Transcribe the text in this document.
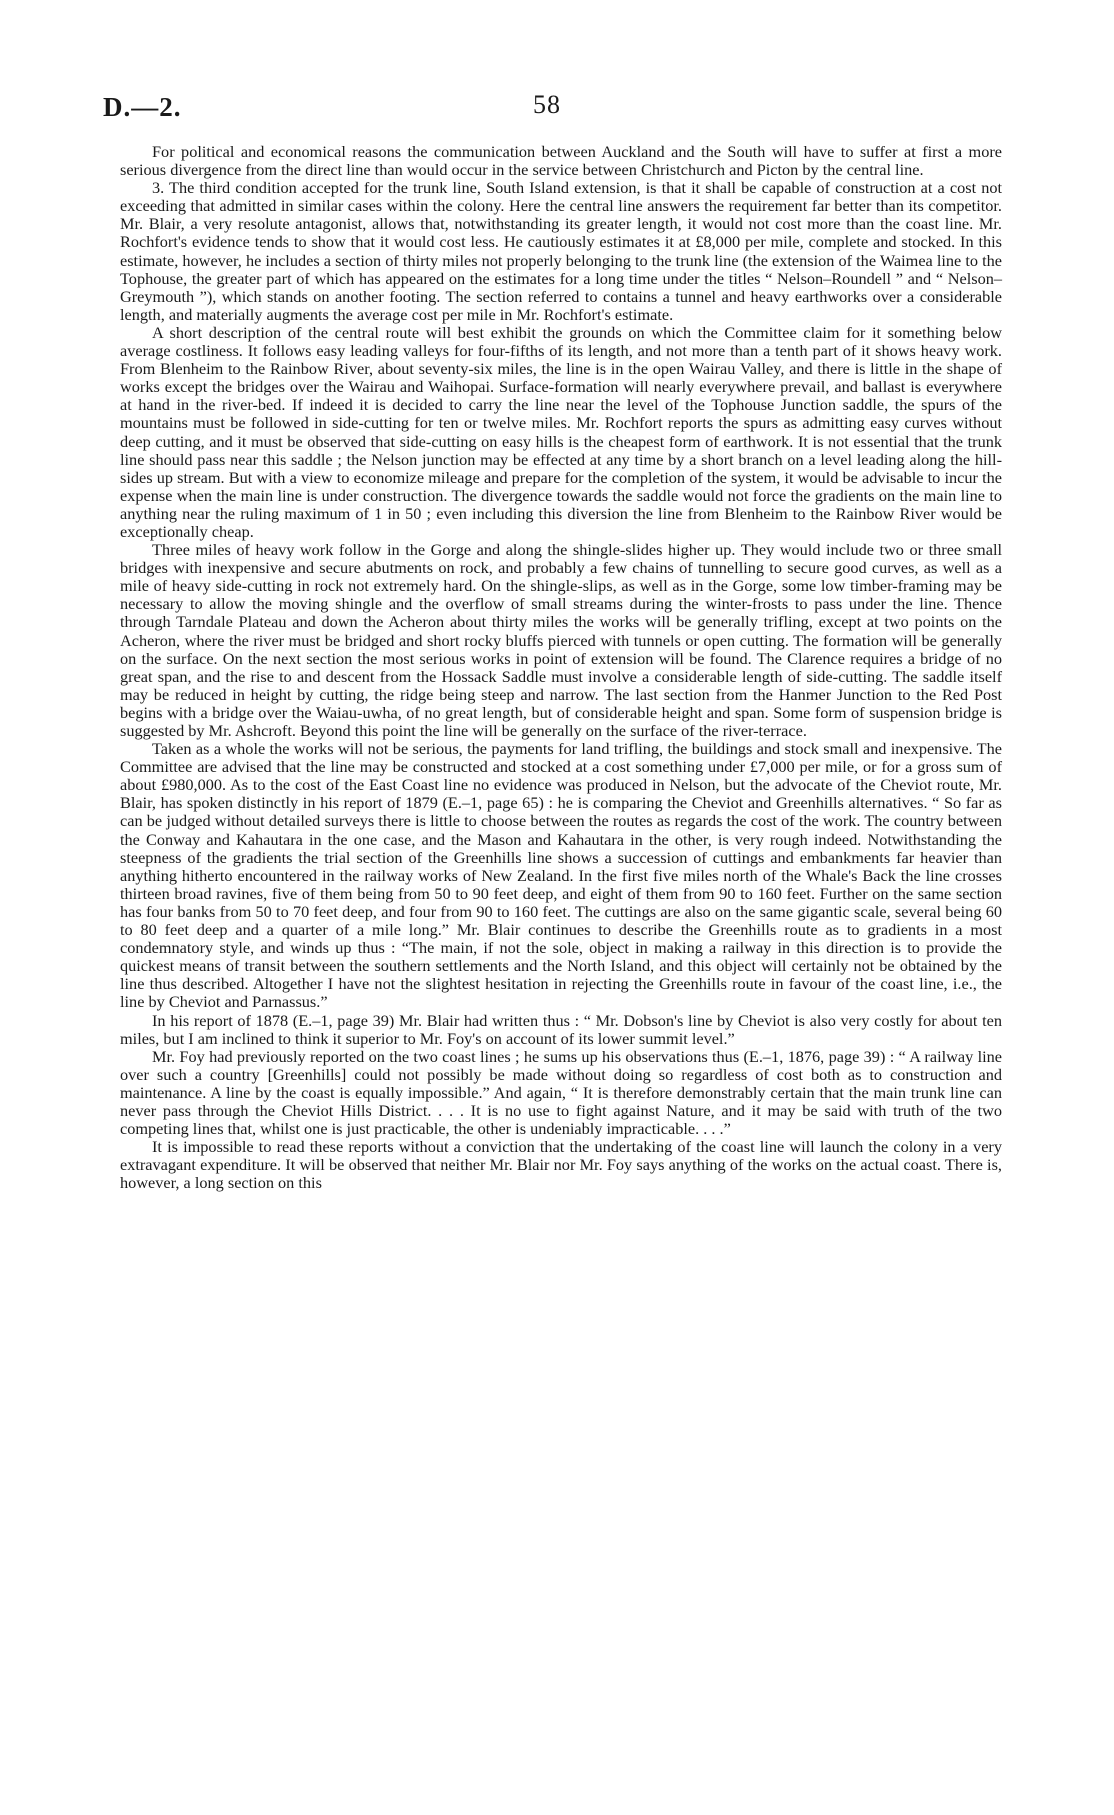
D.—2.	58

For political and economical reasons the communication between Auckland and the South will have to suffer at first a more serious divergence from the direct line than would occur in the service between Christchurch and Picton by the central line.

3. The third condition accepted for the trunk line, South Island extension, is that it shall be capable of construction at a cost not exceeding that admitted in similar cases within the colony. Here the central line answers the requirement far better than its competitor. Mr. Blair, a very resolute antagonist, allows that, notwithstanding its greater length, it would not cost more than the coast line. Mr. Rochfort's evidence tends to show that it would cost less. He cautiously estimates it at £8,000 per mile, complete and stocked. In this estimate, however, he includes a section of thirty miles not properly belonging to the trunk line (the extension of the Waimea line to the Tophouse, the greater part of which has appeared on the estimates for a long time under the titles “ Nelson–Roundell ” and “ Nelson–Greymouth ”), which stands on another footing. The section referred to contains a tunnel and heavy earthworks over a considerable length, and materially augments the average cost per mile in Mr. Rochfort's estimate.

A short description of the central route will best exhibit the grounds on which the Committee claim for it something below average costliness. It follows easy leading valleys for four-fifths of its length, and not more than a tenth part of it shows heavy work. From Blenheim to the Rainbow River, about seventy-six miles, the line is in the open Wairau Valley, and there is little in the shape of works except the bridges over the Wairau and Waihopai. Surface-formation will nearly everywhere prevail, and ballast is everywhere at hand in the river-bed. If indeed it is decided to carry the line near the level of the Tophouse Junction saddle, the spurs of the mountains must be followed in side-cutting for ten or twelve miles. Mr. Rochfort reports the spurs as admitting easy curves without deep cutting, and it must be observed that side-cutting on easy hills is the cheapest form of earthwork. It is not essential that the trunk line should pass near this saddle ; the Nelson junction may be effected at any time by a short branch on a level leading along the hill-sides up stream. But with a view to economize mileage and prepare for the completion of the system, it would be advisable to incur the expense when the main line is under construction. The divergence towards the saddle would not force the gradients on the main line to anything near the ruling maximum of 1 in 50 ; even including this diversion the line from Blenheim to the Rainbow River would be exceptionally cheap.

Three miles of heavy work follow in the Gorge and along the shingle-slides higher up. They would include two or three small bridges with inexpensive and secure abutments on rock, and probably a few chains of tunnelling to secure good curves, as well as a mile of heavy side-cutting in rock not extremely hard. On the shingle-slips, as well as in the Gorge, some low timber-framing may be necessary to allow the moving shingle and the overflow of small streams during the winter-frosts to pass under the line. Thence through Tarndale Plateau and down the Acheron about thirty miles the works will be generally trifling, except at two points on the Acheron, where the river must be bridged and short rocky bluffs pierced with tunnels or open cutting. The formation will be generally on the surface. On the next section the most serious works in point of extension will be found. The Clarence requires a bridge of no great span, and the rise to and descent from the Hossack Saddle must involve a considerable length of side-cutting. The saddle itself may be reduced in height by cutting, the ridge being steep and narrow. The last section from the Hanmer Junction to the Red Post begins with a bridge over the Waiau-uwha, of no great length, but of considerable height and span. Some form of suspension bridge is suggested by Mr. Ashcroft. Beyond this point the line will be generally on the surface of the river-terrace.

Taken as a whole the works will not be serious, the payments for land trifling, the buildings and stock small and inexpensive. The Committee are advised that the line may be constructed and stocked at a cost something under £7,000 per mile, or for a gross sum of about £980,000. As to the cost of the East Coast line no evidence was produced in Nelson, but the advocate of the Cheviot route, Mr. Blair, has spoken distinctly in his report of 1879 (E.–1, page 65) : he is comparing the Cheviot and Greenhills alternatives. “ So far as can be judged without detailed surveys there is little to choose between the routes as regards the cost of the work. The country between the Conway and Kahautara in the one case, and the Mason and Kahautara in the other, is very rough indeed. Notwithstanding the steepness of the gradients the trial section of the Greenhills line shows a succession of cuttings and embankments far heavier than anything hitherto encountered in the railway works of New Zealand. In the first five miles north of the Whale's Back the line crosses thirteen broad ravines, five of them being from 50 to 90 feet deep, and eight of them from 90 to 160 feet. Further on the same section has four banks from 50 to 70 feet deep, and four from 90 to 160 feet. The cuttings are also on the same gigantic scale, several being 60 to 80 feet deep and a quarter of a mile long.” Mr. Blair continues to describe the Greenhills route as to gradients in a most condemnatory style, and winds up thus : “The main, if not the sole, object in making a railway in this direction is to provide the quickest means of transit between the southern settlements and the North Island, and this object will certainly not be obtained by the line thus described. Altogether I have not the slightest hesitation in rejecting the Greenhills route in favour of the coast line, i.e., the line by Cheviot and Parnassus.”

In his report of 1878 (E.–1, page 39) Mr. Blair had written thus : “ Mr. Dobson's line by Cheviot is also very costly for about ten miles, but I am inclined to think it superior to Mr. Foy's on account of its lower summit level.”

Mr. Foy had previously reported on the two coast lines ; he sums up his observations thus (E.–1, 1876, page 39) : “ A railway line over such a country [Greenhills] could not possibly be made without doing so regardless of cost both as to construction and maintenance. A line by the coast is equally impossible.” And again, “ It is therefore demonstrably certain that the main trunk line can never pass through the Cheviot Hills District. . . . It is no use to fight against Nature, and it may be said with truth of the two competing lines that, whilst one is just practicable, the other is undeniably impracticable. . . .”

It is impossible to read these reports without a conviction that the undertaking of the coast line will launch the colony in a very extravagant expenditure. It will be observed that neither Mr. Blair nor Mr. Foy says anything of the works on the actual coast. There is, however, a long section on this
